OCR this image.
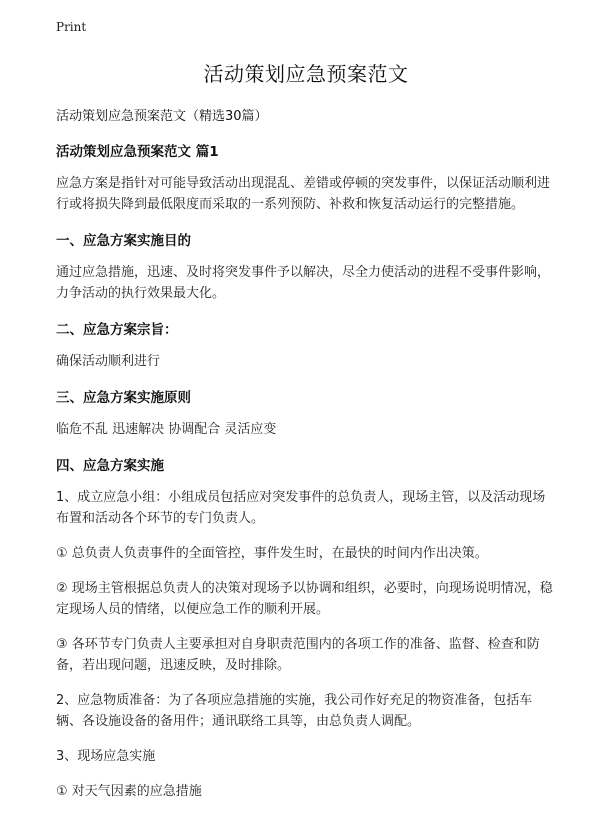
Print
活动策划应急预案范文

活动策划应急预案范文（精选30篇）

活动策划应急预案范文 篇1

应急方案是指针对可能导致活动出现混乱、差错或停顿的突发事件，以保证活动顺利进行或将损失降到最低限度而采取的一系列预防、补救和恢复活动运行的完整措施。

一、应急方案实施目的

通过应急措施，迅速、及时将突发事件予以解决，尽全力使活动的进程不受事件影响，力争活动的执行效果最大化。

二、应急方案宗旨：

确保活动顺利进行

三、应急方案实施原则

临危不乱 迅速解决 协调配合 灵活应变

四、应急方案实施

1、成立应急小组：小组成员包括应对突发事件的总负责人，现场主管，以及活动现场布置和活动各个环节的专门负责人。

① 总负责人负责事件的全面管控，事件发生时，在最快的时间内作出决策。

② 现场主管根据总负责人的决策对现场予以协调和组织，必要时，向现场说明情况，稳定现场人员的情绪，以便应急工作的顺利开展。

③ 各环节专门负责人主要承担对自身职责范围内的各项工作的准备、监督、检查和防备，若出现问题，迅速反映，及时排除。

2、应急物质准备：为了各项应急措施的实施，我公司作好充足的物资准备，包括车辆、各设施设备的备用件；通讯联络工具等，由总负责人调配。

3、现场应急实施

① 对天气因素的应急措施
